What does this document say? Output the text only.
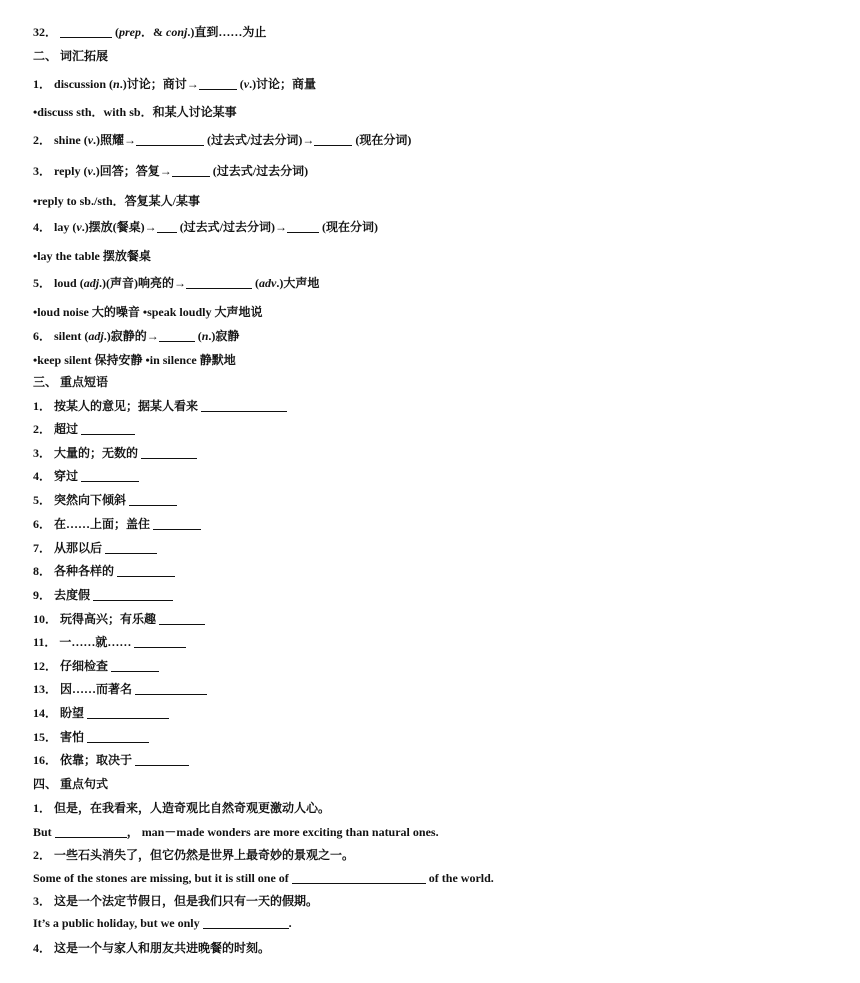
32．	(prep．& conj.)直到……为止
二、 词汇拓展
1． discussion (n.)讨论；商讨→	(v.)讨论；商量
•discuss sth．with sb．和某人讨论某事
2． shine (v.)照耀→	(过去式/过去分词)→	(现在分词)
3． reply (v.)回答；答复→	(过去式/过去分词)
•reply to sb./sth．答复某人/某事
4． lay (v.)摆放(餐桌)→ (过去式/过去分词)→	(现在分词)
•lay the table 摆放餐桌
5． loud (adj.)(声音)响亮的→	(adv.)大声地
•loud noise 大的噪音 •speak loudly 大声地说
6． silent (adj.)寂静的→	(n.)寂静
•keep silent 保持安静 •in silence 静默地
三、 重点短语
1． 按某人的意见；据某人看来
2． 超过
3． 大量的；无数的
4． 穿过
5． 突然向下倾斜
6． 在……上面；盖住
7． 从那以后
8． 各种各样的
9． 去度假
10． 玩得高兴；有乐趣
11． 一……就……
12． 仔细检查
13． 因……而著名
14． 盼望
15． 害怕
16． 依靠；取决于
四、 重点句式
1． 但是，在我看来，人造奇观比自然奇观更激动人心。
But	， man－made wonders are more exciting than natural ones.
2． 一些石头消失了，但它仍然是世界上最奇妙的景观之一。
Some of the stones are missing, but it is still one of	of the world.
3． 这是一个法定节假日，但是我们只有一天的假期。
It’s a public holiday, but we only	.
4． 这是一个与家人和朋友共进晚餐的时刻。
